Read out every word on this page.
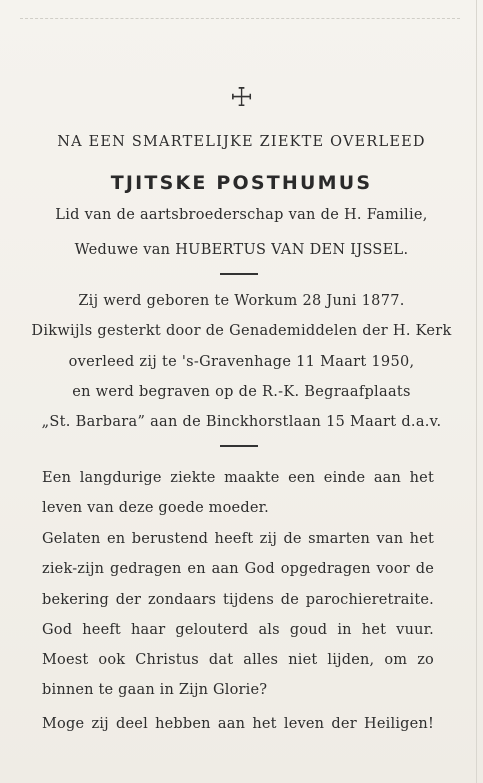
☩
NA EEN SMARTELIJKE ZIEKTE OVERLEED
TJITSKE POSTHUMUS
Lid van de aartsbroederschap van de H. Familie,
Weduwe van HUBERTUS VAN DEN IJSSEL.
Zij werd geboren te Workum 28 Juni 1877.
Dikwijls gesterkt door de Genademiddelen der H. Kerk
overleed zij te 's-Gravenhage 11 Maart 1950,
en werd begraven op de R.-K. Begraafplaats
„St. Barbara” aan de Binckhorstlaan 15 Maart d.a.v.
Een langdurige ziekte maakte een einde aan het
leven van deze goede moeder.
Gelaten en berustend heeft zij de smarten van het
ziek-zijn gedragen en aan God opgedragen voor de
bekering der zondaars tijdens de parochieretraite.
God heeft haar gelouterd als goud in het vuur.
Moest ook Christus dat alles niet lijden, om zo
binnen te gaan in Zijn Glorie?
Moge zij deel hebben aan het leven der Heiligen!
